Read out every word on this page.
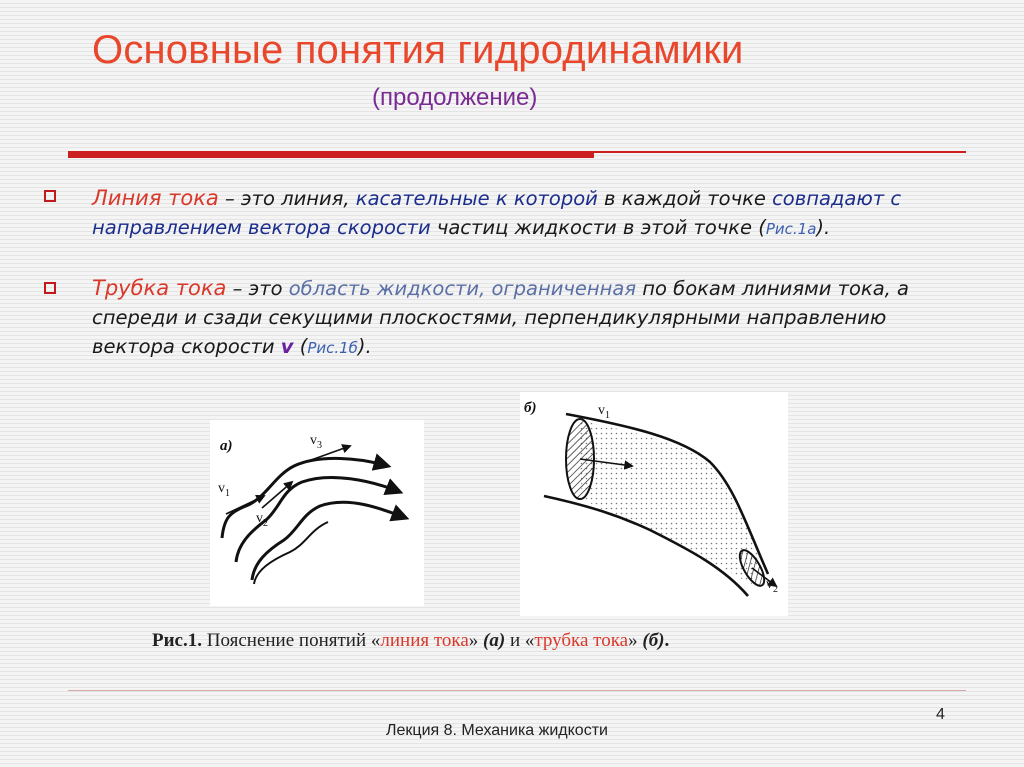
Основные понятия гидродинамики
(продолжение)
Линия тока – это линия, касательные к которой в каждой точке совпадают с направлением вектора скорости частиц жидкости в этой точке (Рис.1а).
Трубка тока – это область жидкости, ограниченная по бокам линиями тока, а спереди и сзади секущими плоскостями, перпендикулярными направлению вектора скорости v (Рис.1б).
а)
$v_1$
$v_2$
$v_3$
б)	$v_1$
$v_2$
Рис.1. Пояснение понятий «линия тока» (а) и «трубка тока» (б).
4
Лекция 8. Механика жидкости
